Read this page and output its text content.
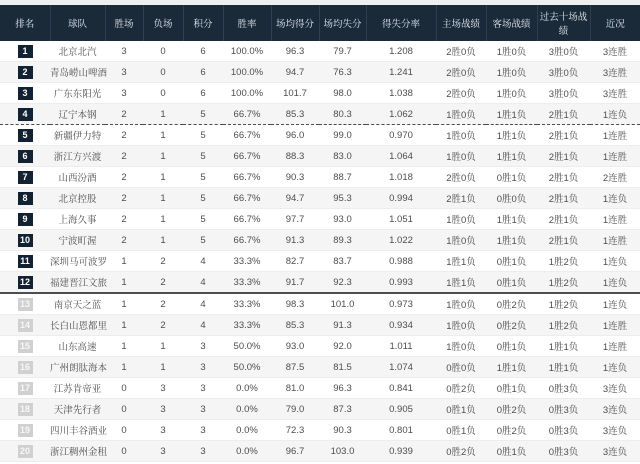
排名	球队	胜场	负场	积分	胜率	场均得分	场均失分	得失分率	主场战绩	客场战绩	过去十场战绩	近况
1	北京北汽	3	0	6	100.0%	96.3	79.7	1.208	2胜0负	1胜0负	3胜0负	3连胜
2	青岛崂山啤酒	3	0	6	100.0%	94.7	76.3	1.241	2胜0负	1胜0负	3胜0负	3连胜
3	广东东阳光	3	0	6	100.0%	101.7	98.0	1.038	2胜0负	1胜0负	3胜0负	3连胜
4	辽宁本钢	2	1	5	66.7%	85.3	80.3	1.062	1胜0负	1胜1负	2胜1负	1连负
5	新疆伊力特	2	1	5	66.7%	96.0	99.0	0.970	1胜0负	1胜1负	2胜1负	1连胜
6	浙江方兴渡	2	1	5	66.7%	88.3	83.0	1.064	1胜0负	1胜1负	2胜1负	1连胜
7	山西汾酒	2	1	5	66.7%	90.3	88.7	1.018	2胜0负	0胜1负	2胜1负	2连胜
8	北京控股	2	1	5	66.7%	94.7	95.3	0.994	2胜1负	0胜0负	2胜1负	1连负
9	上海久事	2	1	5	66.7%	97.7	93.0	1.051	1胜0负	1胜1负	2胜1负	1连胜
10	宁波町渥	2	1	5	66.7%	91.3	89.3	1.022	1胜0负	1胜1负	2胜1负	1连胜
11	深圳马可波罗	1	2	4	33.3%	82.7	83.7	0.988	1胜1负	0胜1负	1胜2负	1连负
12	福建晋江文旅	1	2	4	33.3%	91.7	92.3	0.993	1胜1负	0胜1负	1胜2负	1连负
13	南京天之蓝	1	2	4	33.3%	98.3	101.0	0.973	1胜0负	0胜2负	1胜2负	1连负
14	长白山恩都里	1	2	4	33.3%	85.3	91.3	0.934	1胜0负	0胜2负	1胜2负	1连胜
15	山东高速	1	1	3	50.0%	93.0	92.0	1.011	1胜0负	0胜1负	1胜1负	1连胜
16	广州朗肽海本	1	1	3	50.0%	87.5	81.5	1.074	0胜0负	1胜1负	1胜1负	1连负
17	江苏肯帝亚	0	3	3	0.0%	81.0	96.3	0.841	0胜2负	0胜1负	0胜3负	3连负
18	天津先行者	0	3	3	0.0%	79.0	87.3	0.905	0胜1负	0胜2负	0胜3负	3连负
19	四川丰谷酒业	0	3	3	0.0%	72.3	90.3	0.801	0胜1负	0胜2负	0胜3负	3连负
20	浙江稠州金租	0	3	3	0.0%	96.7	103.0	0.939	0胜2负	0胜1负	0胜3负	3连负
